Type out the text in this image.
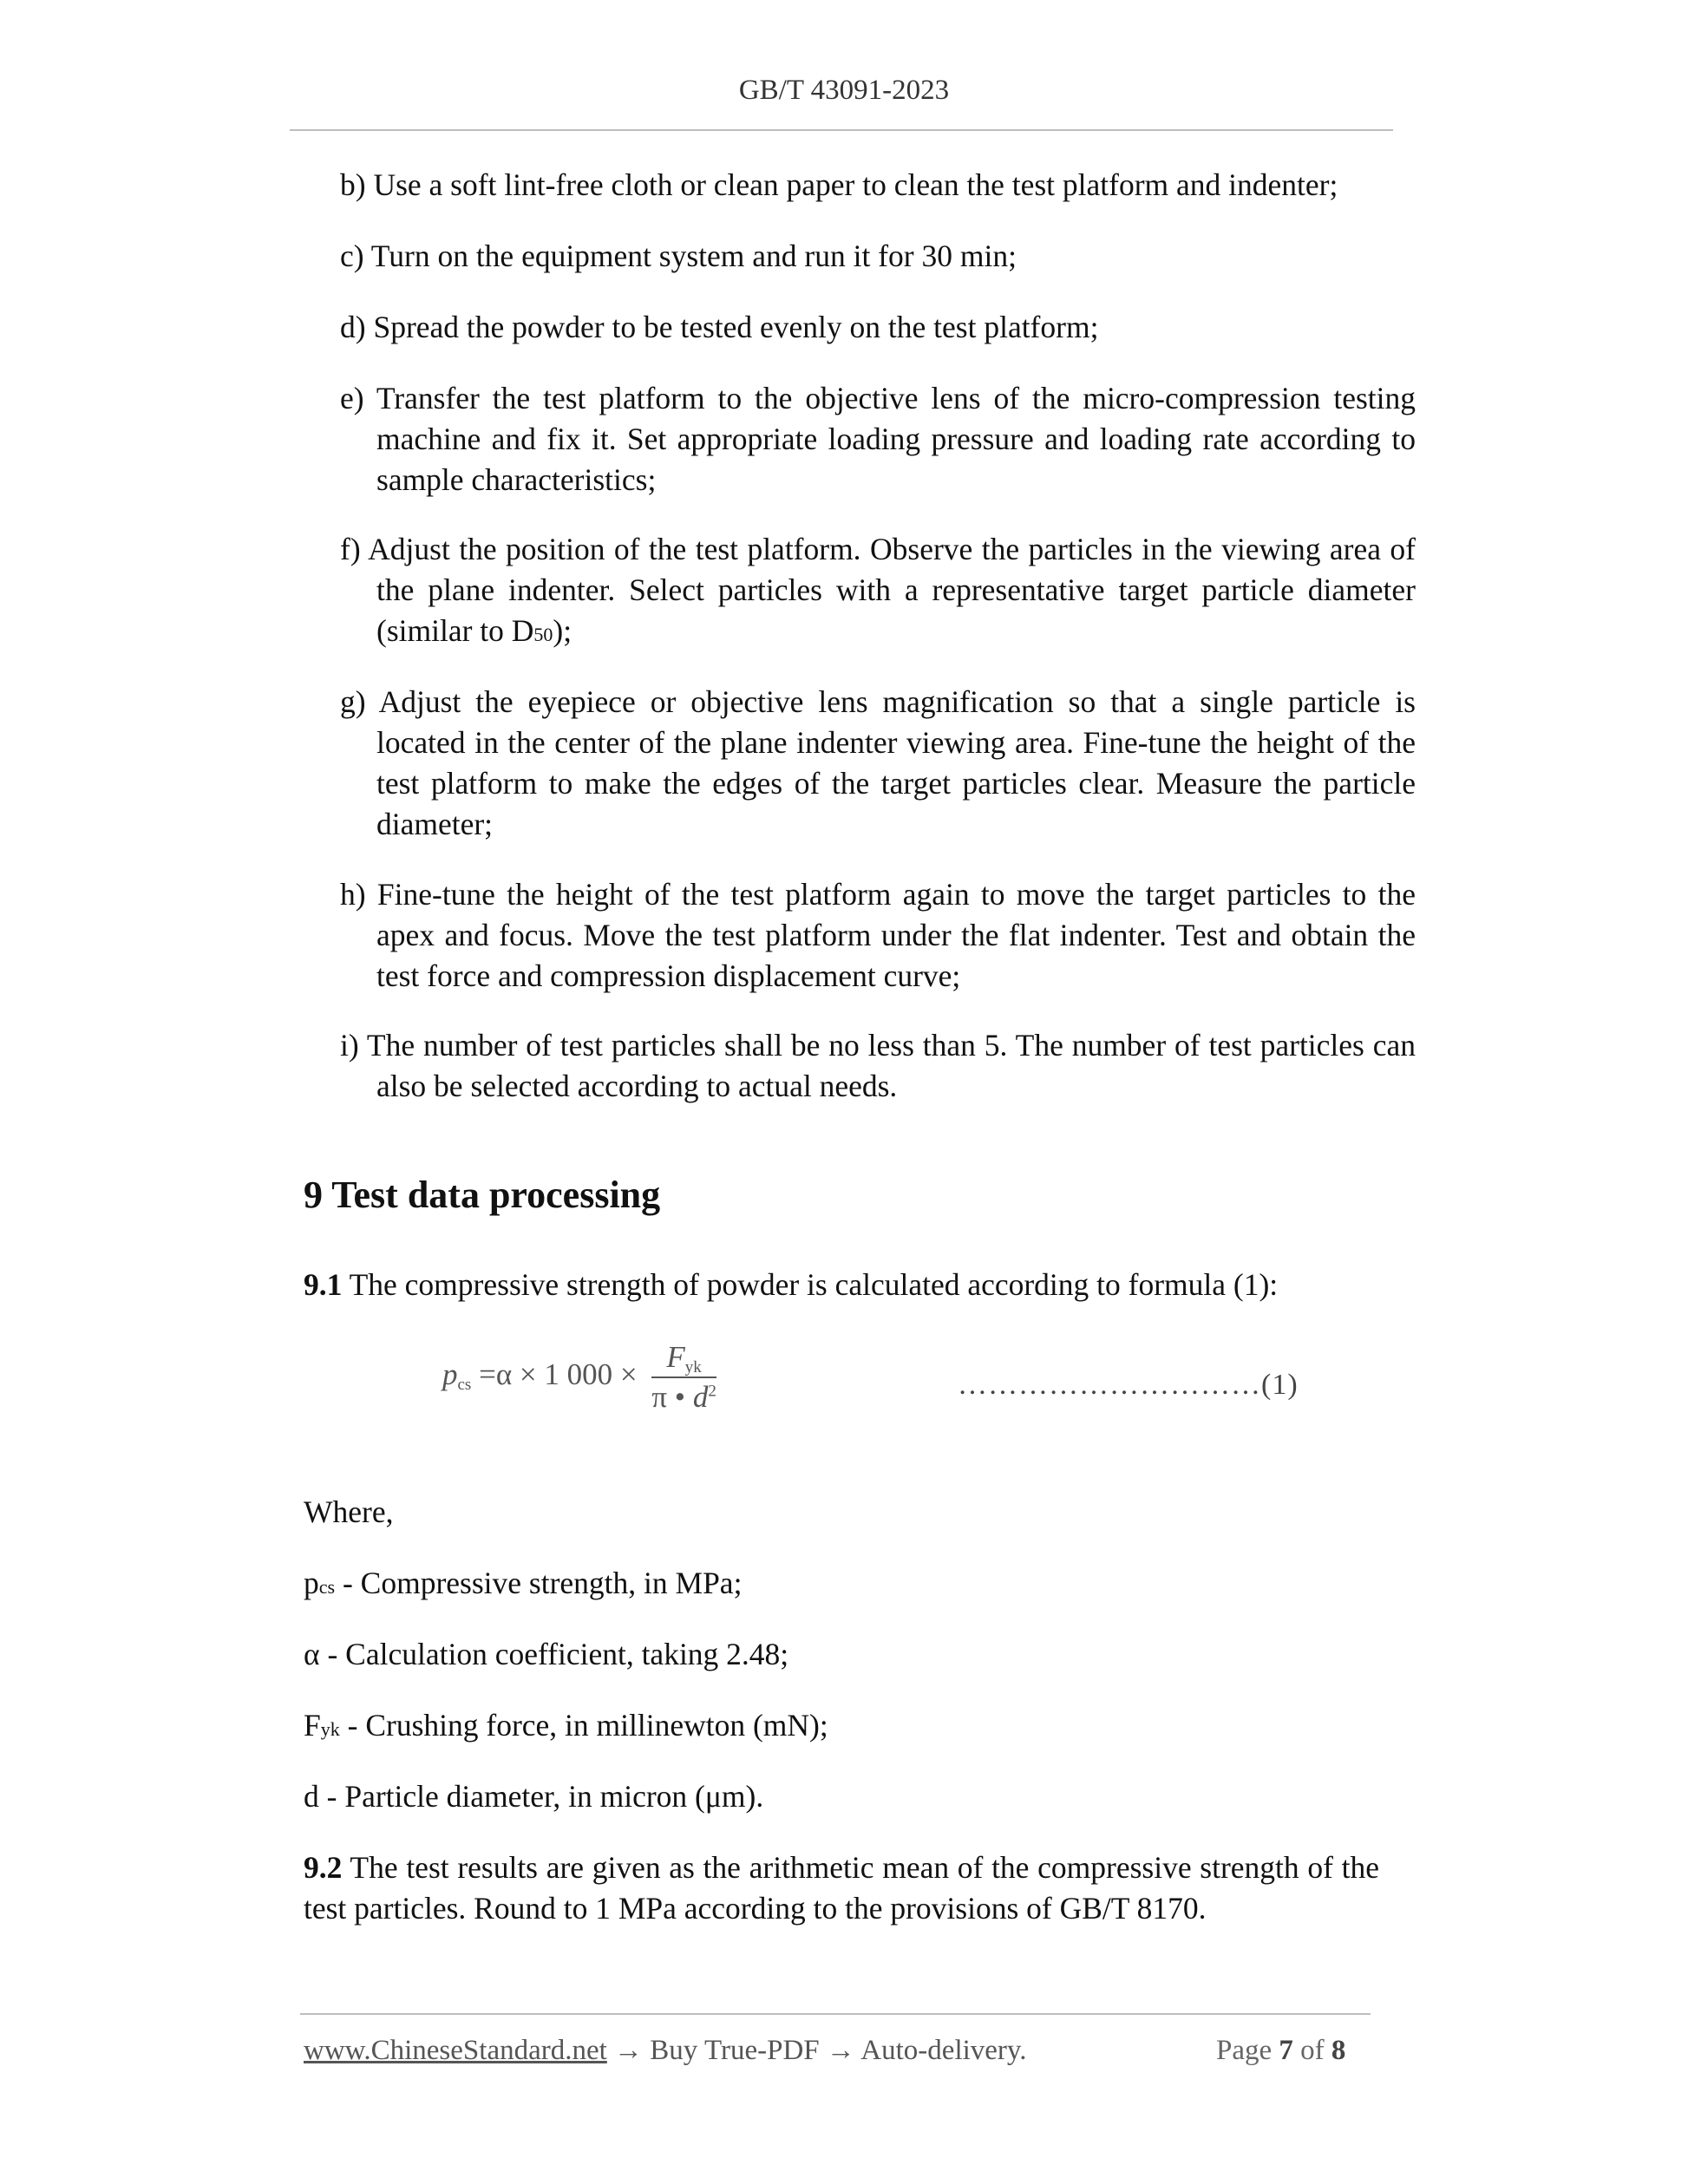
GB/T 43091-2023
b) Use a soft lint-free cloth or clean paper to clean the test platform and indenter;
c) Turn on the equipment system and run it for 30 min;
d) Spread the powder to be tested evenly on the test platform;
e) Transfer the test platform to the objective lens of the micro-compression testing machine and fix it. Set appropriate loading pressure and loading rate according to sample characteristics;
f) Adjust the position of the test platform. Observe the particles in the viewing area of the plane indenter. Select particles with a representative target particle diameter (similar to D50);
g) Adjust the eyepiece or objective lens magnification so that a single particle is located in the center of the plane indenter viewing area. Fine-tune the height of the test platform to make the edges of the target particles clear. Measure the particle diameter;
h) Fine-tune the height of the test platform again to move the target particles to the apex and focus. Move the test platform under the flat indenter. Test and obtain the test force and compression displacement curve;
i) The number of test particles shall be no less than 5. The number of test particles can also be selected according to actual needs.
9 Test data processing
9.1 The compressive strength of powder is calculated according to formula (1):
pcs =α × 1 $000 \times \frac{\text{Fyk}}{\pi • d^2}$	…………………………(1)
Where,
pcs - Compressive strength, in MPa;
α - Calculation coefficient, taking 2.48;
Fyk - Crushing force, in millinewton (mN);
d - Particle diameter, in micron (μm).
9.2 The test results are given as the arithmetic mean of the compressive strength of the test particles. Round to 1 MPa according to the provisions of GB/T 8170.
www.ChineseStandard.net → Buy True-PDF → Auto-delivery.	Page 7 of 8
